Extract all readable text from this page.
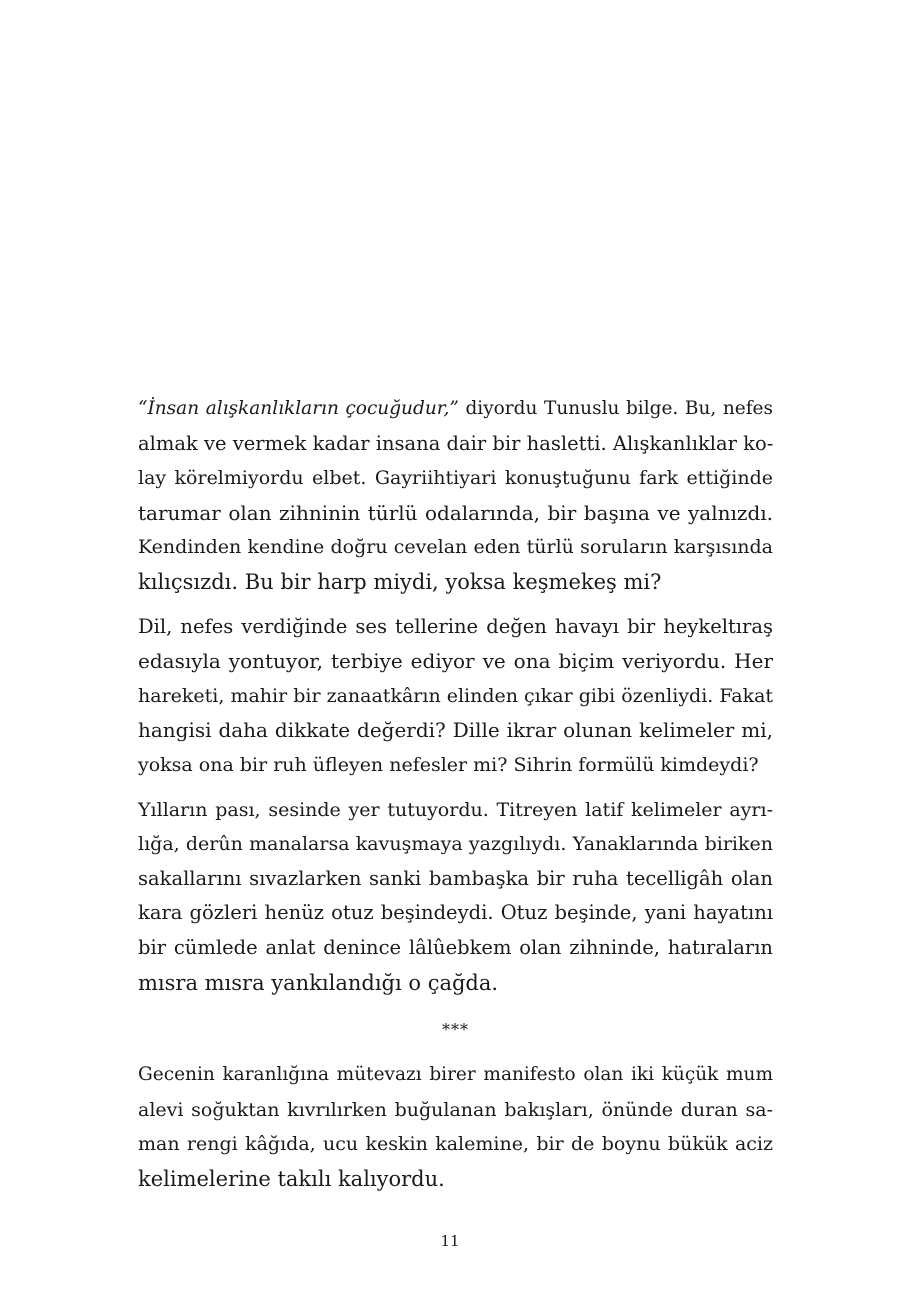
“İnsan alışkanlıkların çocuğudur,” diyordu Tunuslu bilge. Bu, nefes
almak ve vermek kadar insana dair bir hasletti. Alışkanlıklar ko-
lay körelmiyordu elbet. Gayriihtiyari konuştuğunu fark ettiğinde
tarumar olan zihninin türlü odalarında, bir başına ve yalnızdı.
Kendinden kendine doğru cevelan eden türlü soruların karşısında
kılıçsızdı. Bu bir harp miydi, yoksa keşmekeş mi?

Dil, nefes verdiğinde ses tellerine değen havayı bir heykeltıraş
edasıyla yontuyor, terbiye ediyor ve ona biçim veriyordu. Her
hareketi, mahir bir zanaatkârın elinden çıkar gibi özenliydi. Fakat
hangisi daha dikkate değerdi? Dille ikrar olunan kelimeler mi,
yoksa ona bir ruh üfleyen nefesler mi? Sihrin formülü kimdeydi?

Yılların pası, sesinde yer tutuyordu. Titreyen latif kelimeler ayrı-
lığa, derûn manalarsa kavuşmaya yazgılıydı. Yanaklarında biriken
sakallarını sıvazlarken sanki bambaşka bir ruha tecelligâh olan
kara gözleri henüz otuz beşindeydi. Otuz beşinde, yani hayatını
bir cümlede anlat denince lâlûebkem olan zihninde, hatıraların
mısra mısra yankılandığı o çağda.

***

Gecenin karanlığına mütevazı birer manifesto olan iki küçük mum
alevi soğuktan kıvrılırken buğulanan bakışları, önünde duran sa-
man rengi kâğıda, ucu keskin kalemine, bir de boynu bükük aciz
kelimelerine takılı kalıyordu.

11
